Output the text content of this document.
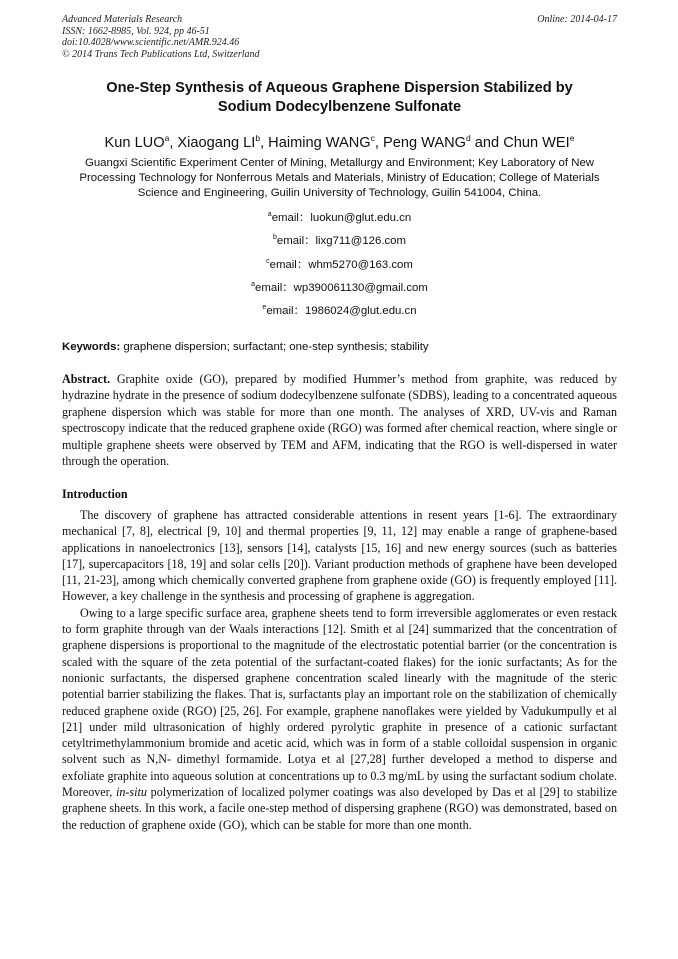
Advanced Materials Research
ISSN: 1662-8985, Vol. 924, pp 46-51
doi:10.4028/www.scientific.net/AMR.924.46
© 2014 Trans Tech Publications Ltd, Switzerland
Online: 2014-04-17
One-Step Synthesis of Aqueous Graphene Dispersion Stabilized by
Sodium Dodecylbenzene Sulfonate
Kun LUO$^a$, Xiaogang $LI^b$, Haiming WANG$^c$, Peng WANG$^d$ and Chun WEI$^e$
Guangxi Scientific Experiment Center of Mining, Metallurgy and Environment; Key Laboratory of New Processing Technology for Nonferrous Metals and Materials, Ministry of Education; College of Materials Science and Engineering, Guilin University of Technology, Guilin 541004, China.
$^a$email：luokun@glut.edu.cn
$^b$email：lixg711@126.com
$^c$email：whm5270@163.com
$^a$email：wp390061130@gmail.com
$^e$email：1986024@glut.edu.cn
Keywords: graphene dispersion; surfactant; one-step synthesis; stability
Abstract. Graphite oxide (GO), prepared by modified Hummer’s method from graphite, was reduced by hydrazine hydrate in the presence of sodium dodecylbenzene sulfonate (SDBS), leading to a concentrated aqueous graphene dispersion which was stable for more than one month. The analyses of XRD, UV-vis and Raman spectroscopy indicate that the reduced graphene oxide (RGO) was formed after chemical reaction, where single or multiple graphene sheets were observed by TEM and AFM, indicating that the RGO is well-dispersed in water through the operation.
Introduction

The discovery of graphene has attracted considerable attentions in resent years [1-6]. The extraordinary mechanical [7, 8], electrical [9, 10] and thermal properties [9, 11, 12] may enable a range of graphene-based applications in nanoelectronics [13], sensors [14], catalysts [15, 16] and new energy sources (such as batteries [17], supercapacitors [18, 19] and solar cells [20]). Variant production methods of graphene have been developed [11, 21-23], among which chemically converted graphene from graphene oxide (GO) is frequently employed [11]. However, a key challenge in the synthesis and processing of graphene is aggregation.

Owing to a large specific surface area, graphene sheets tend to form irreversible agglomerates or even restack to form graphite through van der Waals interactions [12]. Smith et al [24] summarized that the concentration of graphene dispersions is proportional to the magnitude of the electrostatic potential barrier (or the concentration is scaled with the square of the zeta potential of the surfactant-coated flakes) for the ionic surfactants; As for the nonionic surfactants, the dispersed graphene concentration scaled linearly with the magnitude of the steric potential barrier stabilizing the flakes. That is, surfactants play an important role on the stabilization of chemically reduced graphene oxide (RGO) [25, 26]. For example, graphene nanoflakes were yielded by Vadukumpully et al [21] under mild ultrasonication of highly ordered pyrolytic graphite in presence of a cationic surfactant cetyltrimethylammonium bromide and acetic acid, which was in form of a stable colloidal suspension in organic solvent such as N,N- dimethyl formamide. Lotya et al [27,28] further developed a method to disperse and exfoliate graphite into aqueous solution at concentrations up to 0.3 mg/mL by using the surfactant sodium cholate. Moreover, in-situ polymerization of localized polymer coatings was also developed by Das et al [29] to stabilize graphene sheets. In this work, a facile one-step method of dispersing graphene (RGO) was demonstrated, based on the reduction of graphene oxide (GO), which can be stable for more than one month.
